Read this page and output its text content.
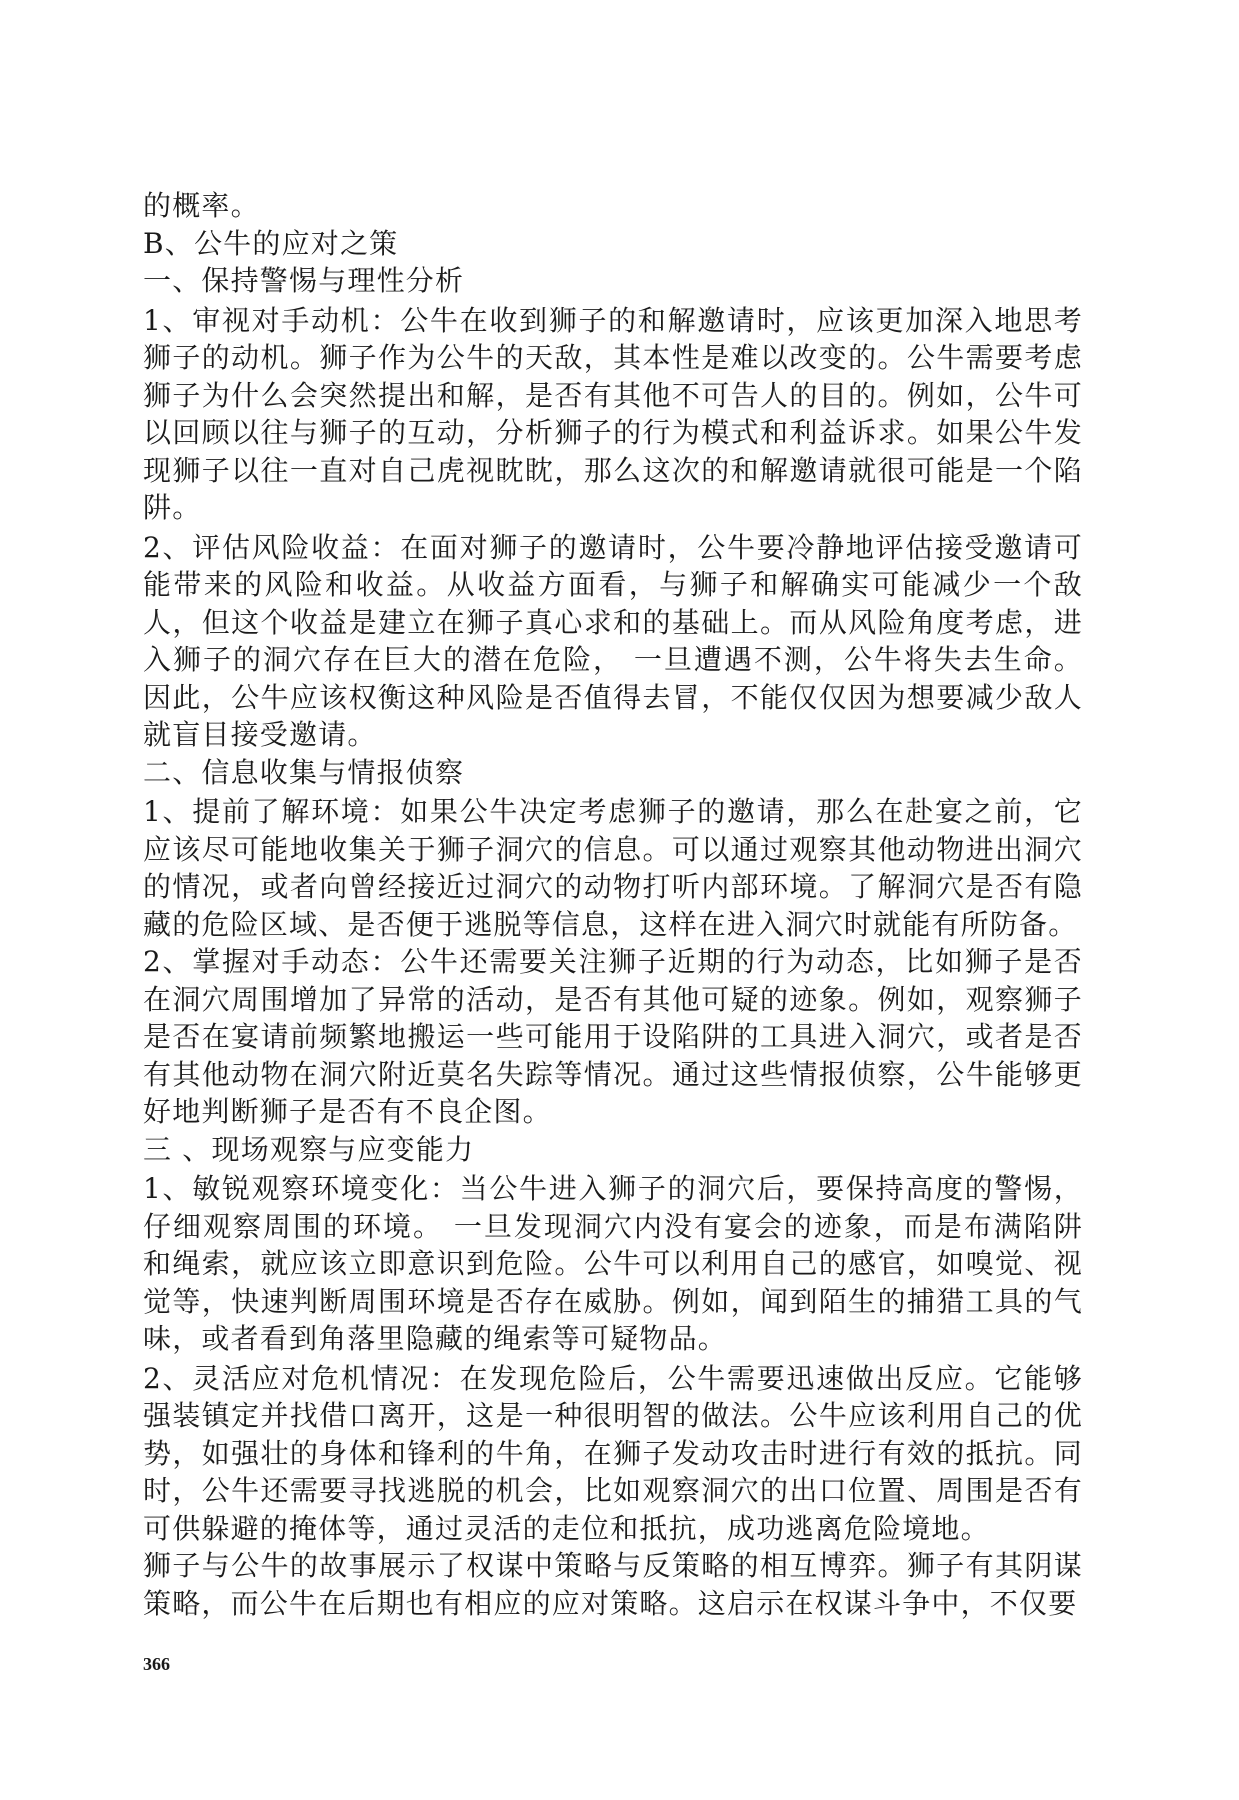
的概率。

B、公牛的应对之策

一、保持警惕与理性分析

1、审视对手动机：公牛在收到狮子的和解邀请时，应该更加深入地思考狮子的动机。狮子作为公牛的天敌，其本性是难以改变的。公牛需要考虑狮子为什么会突然提出和解，是否有其他不可告人的目的。例如，公牛可以回顾以往与狮子的互动，分析狮子的行为模式和利益诉求。如果公牛发现狮子以往一直对自己虎视眈眈，那么这次的和解邀请就很可能是一个陷阱。

2、评估风险收益：在面对狮子的邀请时，公牛要冷静地评估接受邀请可能带来的风险和收益。从收益方面看，与狮子和解确实可能减少一个敌人，但这个收益是建立在狮子真心求和的基础上。而从风险角度考虑，进入狮子的洞穴存在巨大的潜在危险， 一旦遭遇不测，公牛将失去生命。因此，公牛应该权衡这种风险是否值得去冒，不能仅仅因为想要减少敌人就盲目接受邀请。

二、信息收集与情报侦察

1、提前了解环境：如果公牛决定考虑狮子的邀请，那么在赴宴之前，它应该尽可能地收集关于狮子洞穴的信息。可以通过观察其他动物进出洞穴的情况，或者向曾经接近过洞穴的动物打听内部环境。了解洞穴是否有隐藏的危险区域、是否便于逃脱等信息，这样在进入洞穴时就能有所防备。

2、掌握对手动态：公牛还需要关注狮子近期的行为动态，比如狮子是否在洞穴周围增加了异常的活动，是否有其他可疑的迹象。例如，观察狮子是否在宴请前频繁地搬运一些可能用于设陷阱的工具进入洞穴，或者是否有其他动物在洞穴附近莫名失踪等情况。通过这些情报侦察，公牛能够更好地判断狮子是否有不良企图。

三 、现场观察与应变能力

1、敏锐观察环境变化：当公牛进入狮子的洞穴后，要保持高度的警惕，仔细观察周围的环境。 一旦发现洞穴内没有宴会的迹象，而是布满陷阱和绳索，就应该立即意识到危险。公牛可以利用自己的感官，如嗅觉、视觉等，快速判断周围环境是否存在威胁。例如，闻到陌生的捕猎工具的气味，或者看到角落里隐藏的绳索等可疑物品。

2、灵活应对危机情况：在发现危险后，公牛需要迅速做出反应。它能够强装镇定并找借口离开，这是一种很明智的做法。公牛应该利用自己的优势，如强壮的身体和锋利的牛角，在狮子发动攻击时进行有效的抵抗。同时，公牛还需要寻找逃脱的机会，比如观察洞穴的出口位置、周围是否有可供躲避的掩体等，通过灵活的走位和抵抗，成功逃离危险境地。

狮子与公牛的故事展示了权谋中策略与反策略的相互博弈。狮子有其阴谋策略，而公牛在后期也有相应的应对策略。这启示在权谋斗争中，不仅要

366
